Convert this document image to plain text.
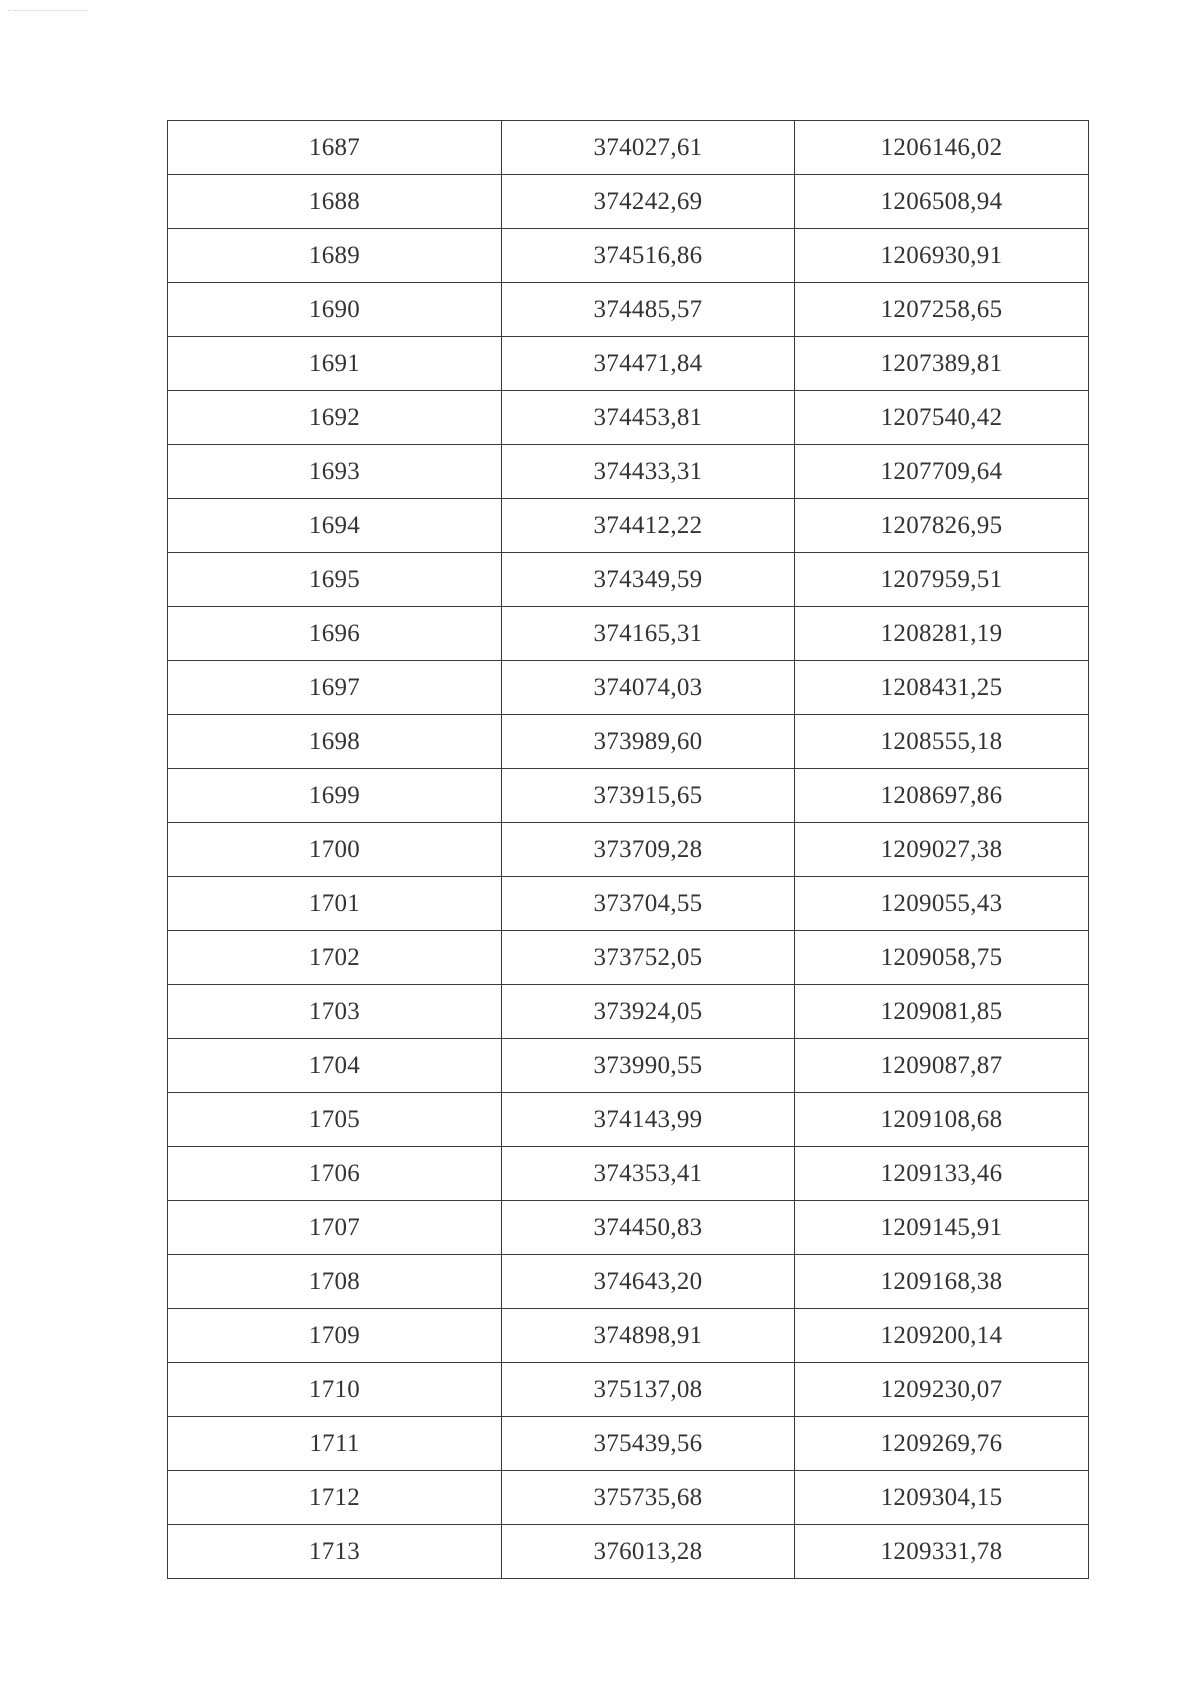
1687	374027,61	1206146,02
1688	374242,69	1206508,94
1689	374516,86	1206930,91
1690	374485,57	1207258,65
1691	374471,84	1207389,81
1692	374453,81	1207540,42
1693	374433,31	1207709,64
1694	374412,22	1207826,95
1695	374349,59	1207959,51
1696	374165,31	1208281,19
1697	374074,03	1208431,25
1698	373989,60	1208555,18
1699	373915,65	1208697,86
1700	373709,28	1209027,38
1701	373704,55	1209055,43
1702	373752,05	1209058,75
1703	373924,05	1209081,85
1704	373990,55	1209087,87
1705	374143,99	1209108,68
1706	374353,41	1209133,46
1707	374450,83	1209145,91
1708	374643,20	1209168,38
1709	374898,91	1209200,14
1710	375137,08	1209230,07
1711	375439,56	1209269,76
1712	375735,68	1209304,15
1713	376013,28	1209331,78
